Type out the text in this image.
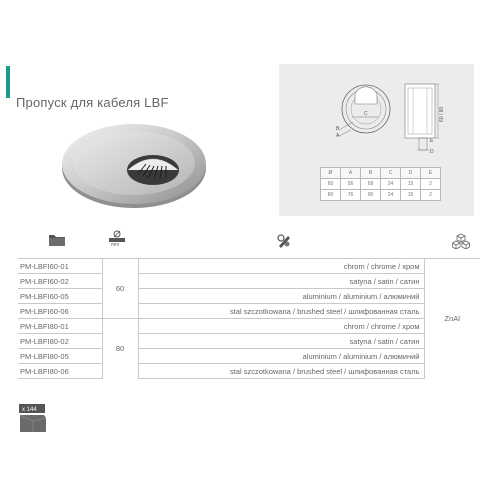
Пропуск для кабеля LBF
C
B
A
60 / 80
E
D
Ø	A	B	C	D	E
60	56	68	24	15	2
80	76	90	24	15	2
mm
PM-LBFI60-01	60	chrom / chrome / хром	ZnAl
PM-LBFI60-02		satyna / satin / сатин	
PM-LBFI60-05		aluminium / aluminium / алюминий	
PM-LBFI60-06		stal szczotkowana / brushed steel / шлифованная сталь	
PM-LBFI80-01	80	chrom / chrome / хром	
PM-LBFI80-02		satyna / satin / сатин	
PM-LBFI80-05		aluminium / aluminium / алюминий	
PM-LBFI80-06		stal szczotkowana / brushed steel / шлифованная сталь	
x 144
